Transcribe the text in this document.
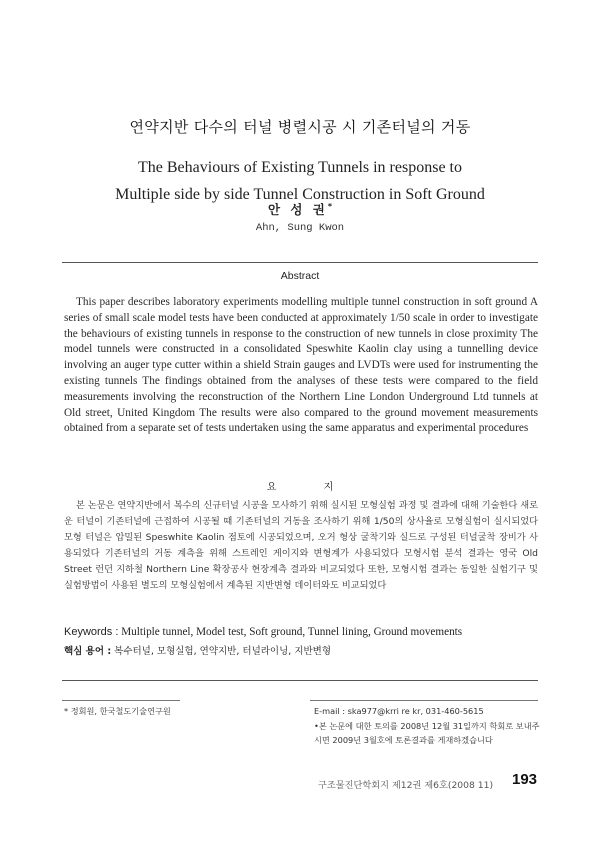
연약지반 다수의 터널 병렬시공 시 기존터널의 거동
The Behaviours of Existing Tunnels in response to
Multiple side by side Tunnel Construction in Soft Ground
안 성 권*
Ahn, Sung Kwon
Abstract

This paper describes laboratory experiments modelling multiple tunnel construction in soft ground A series of small scale model tests have been conducted at approximately 1/50 scale in order to investigate the behaviours of existing tunnels in response to the construction of new tunnels in close proximity The model tunnels were constructed in a consolidated Speswhite Kaolin clay using a tunnelling device involving an auger type cutter within a shield Strain gauges and LVDTs were used for instrumenting the existing tunnels The findings obtained from the analyses of these tests were compared to the field measurements involving the reconstruction of the Northern Line London Underground Ltd tunnels at Old street, United Kingdom The results were also compared to the ground movement measurements obtained from a separate set of tests undertaken using the same apparatus and experimental procedures

요 지

본 논문은 연약지반에서 복수의 신규터널 시공을 모사하기 위해 실시된 모형실험 과정 및 결과에 대해 기술한다 새로운 터널이 기존터널에 근접하여 시공될 때 기존터널의 거동을 조사하기 위해 1/50의 상사율로 모형실험이 실시되었다 모형 터널은 압밀된 Speswhite Kaolin 점토에 시공되었으며, 오거 형상 굴착기와 실드로 구성된 터널굴착 장비가 사용되었다 기존터널의 거동 계측을 위해 스트레인 게이지와 변형계가 사용되었다 모형시험 분석 결과는 영국 Old Street 런던 지하철 Northern Line 확장공사 현장계측 결과와 비교되었다 또한, 모형시험 결과는 동일한 실험기구 및 실험방법이 사용된 별도의 모형실험에서 계측된 지반변형 데이터와도 비교되었다

Keywords : Multiple tunnel, Model test, Soft ground, Tunnel lining, Ground movements
핵심 용어 : 복수터널, 모형실험, 연약지반, 터널라이닝, 지반변형
* 정회원, 한국철도기술연구원	E-mail : ska977@krri re kr, 031-460-5615

•본 논문에 대한 토의를 2008년 12월 31일까지 학회로 보내주시면 2009년 3월호에 토론결과를 게재하겠습니다

구조물진단학회지 제12권 제6호(2008 11) 193
